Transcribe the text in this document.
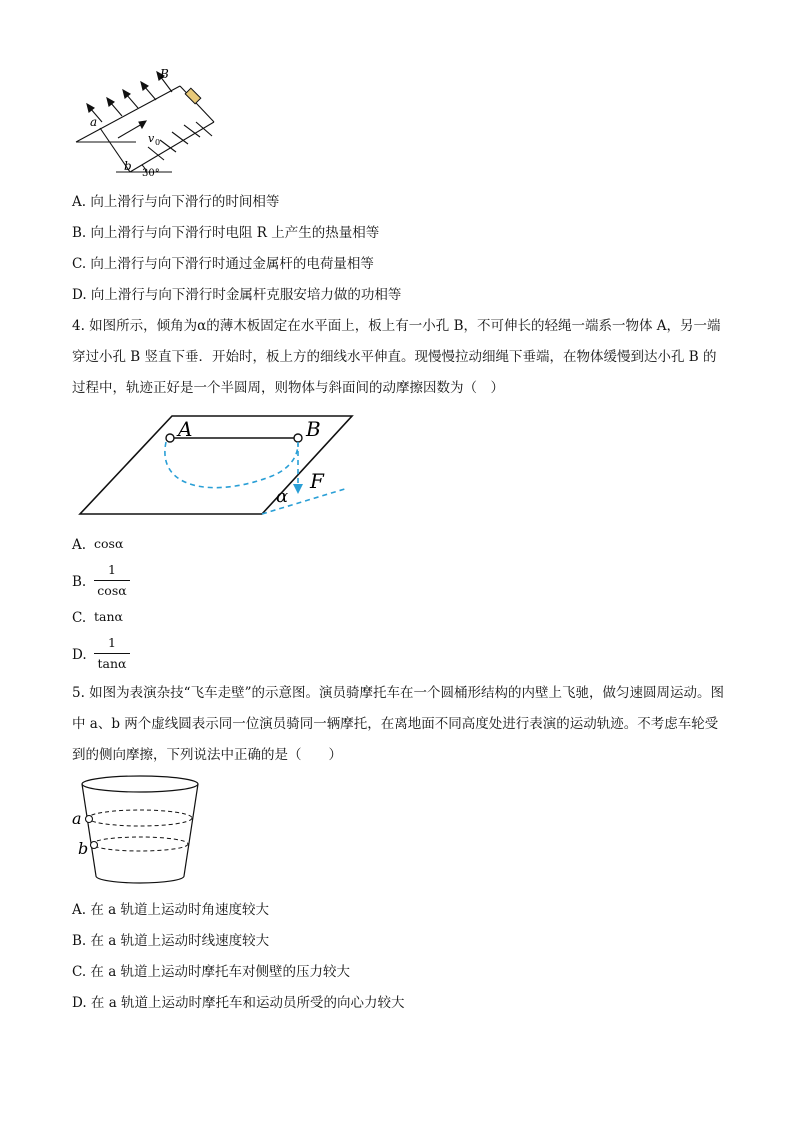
B
a
b
v 0
30°
A. 向上滑行与向下滑行的时间相等
B. 向上滑行与向下滑行时电阻 R 上产生的热量相等
C. 向上滑行与向下滑行时通过金属杆的电荷量相等
D. 向上滑行与向下滑行时金属杆克服安培力做的功相等
4. 如图所示，倾角为α的薄木板固定在水平面上，板上有一小孔 B，不可伸长的轻绳一端系一物体 A，另一端穿过小孔 B 竖直下垂．开始时，板上方的细线水平伸直。现慢慢拉动细绳下垂端，在物体缓慢到达小孔 B 的过程中，轨迹正好是一个半圆周，则物体与斜面间的动摩擦因数为（　）
A	B
F
α
A. cosα
B.
1
cosα
C. tanα
D.
1
tanα
5. 如图为表演杂技“飞车走壁”的示意图。演员骑摩托车在一个圆桶形结构的内壁上飞驰，做匀速圆周运动。图中 a、b 两个虚线圆表示同一位演员骑同一辆摩托，在离地面不同高度处进行表演的运动轨迹。不考虑车轮受到的侧向摩擦，下列说法中正确的是（　　）
a
b
A. 在 a 轨道上运动时角速度较大
B. 在 a 轨道上运动时线速度较大
C. 在 a 轨道上运动时摩托车对侧壁的压力较大
D. 在 a 轨道上运动时摩托车和运动员所受的向心力较大
